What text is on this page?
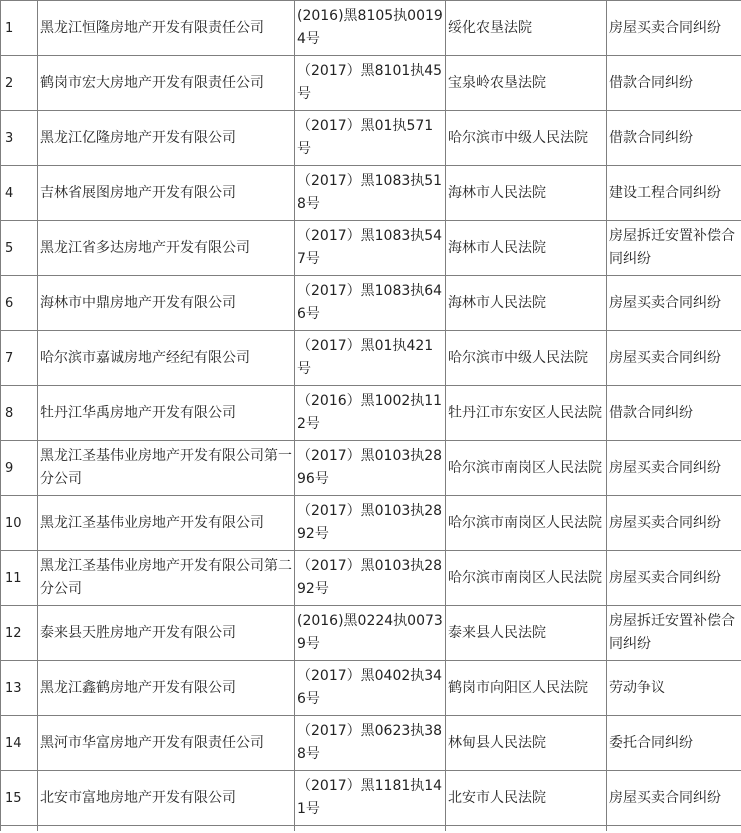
1	黑龙江恒隆房地产开发有限责任公司	(2016)黑8105执00194号	绥化农垦法院	房屋买卖合同纠纷
2	鹤岗市宏大房地产开发有限责任公司	（2017）黑8101执45号	宝泉岭农垦法院	借款合同纠纷
3	黑龙江亿隆房地产开发有限公司	（2017）黑01执571号	哈尔滨市中级人民法院	借款合同纠纷
4	吉林省展图房地产开发有限公司	（2017）黑1083执518号	海林市人民法院	建设工程合同纠纷
5	黑龙江省多达房地产开发有限公司	（2017）黑1083执547号	海林市人民法院	房屋拆迁安置补偿合同纠纷
6	海林市中鼎房地产开发有限公司	（2017）黑1083执646号	海林市人民法院	房屋买卖合同纠纷
7	哈尔滨市嘉诚房地产经纪有限公司	（2017）黑01执421号	哈尔滨市中级人民法院	房屋买卖合同纠纷
8	牡丹江华禹房地产开发有限公司	（2016）黑1002执112号	牡丹江市东安区人民法院	借款合同纠纷
9	黑龙江圣基伟业房地产开发有限公司第一分公司	（2017）黑0103执2896号	哈尔滨市南岗区人民法院	房屋买卖合同纠纷
10	黑龙江圣基伟业房地产开发有限公司	（2017）黑0103执2892号	哈尔滨市南岗区人民法院	房屋买卖合同纠纷
11	黑龙江圣基伟业房地产开发有限公司第二分公司	（2017）黑0103执2892号	哈尔滨市南岗区人民法院	房屋买卖合同纠纷
12	泰来县天胜房地产开发有限公司	(2016)黑0224执00739号	泰来县人民法院	房屋拆迁安置补偿合同纠纷
13	黑龙江鑫鹤房地产开发有限公司	（2017）黑0402执346号	鹤岗市向阳区人民法院	劳动争议
14	黑河市华富房地产开发有限责任公司	（2017）黑0623执388号	林甸县人民法院	委托合同纠纷
15	北安市富地房地产开发有限公司	（2017）黑1181执141号	北安市人民法院	房屋买卖合同纠纷
